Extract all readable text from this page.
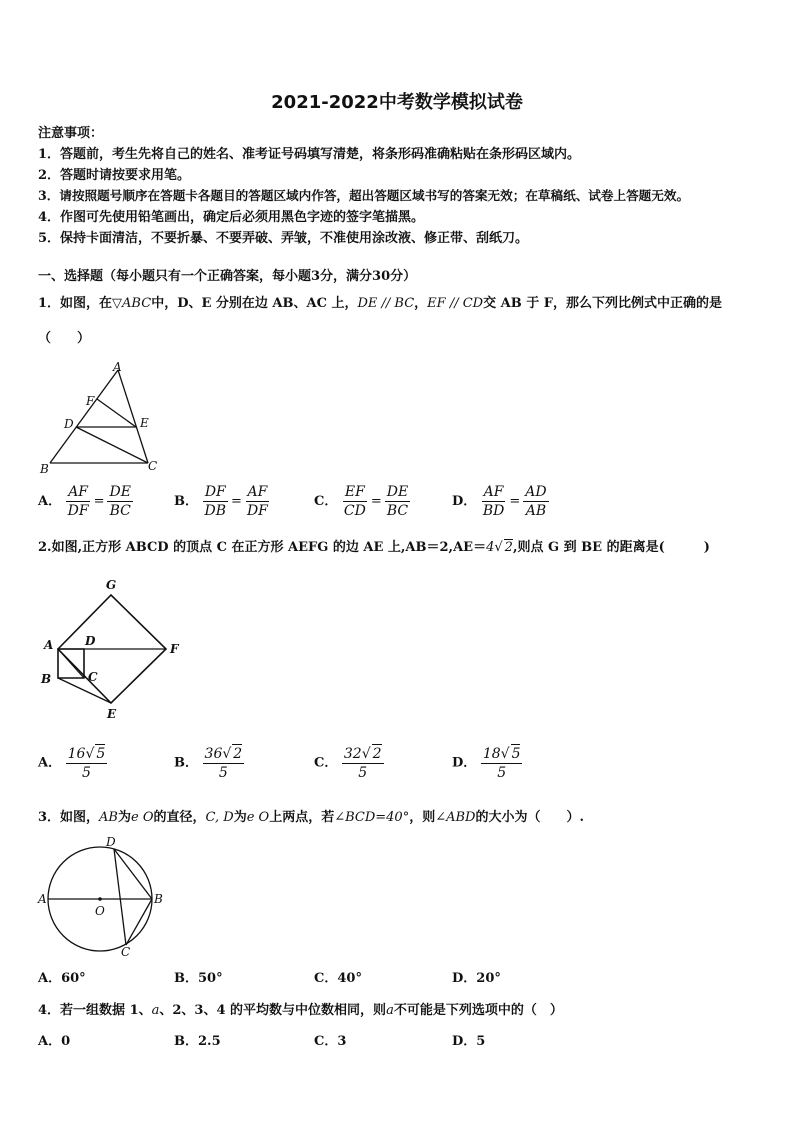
2021-2022中考数学模拟试卷
注意事项：
1．答题前，考生先将自己的姓名、准考证号码填写清楚，将条形码准确粘贴在条形码区域内。
2．答题时请按要求用笔。
3．请按照题号顺序在答题卡各题目的答题区域内作答，超出答题区域书写的答案无效；在草稿纸、试卷上答题无效。
4．作图可先使用铅笔画出，确定后必须用黑色字迹的签字笔描黑。
5．保持卡面清洁，不要折暴、不要弄破、弄皱，不准使用涂改液、修正带、刮纸刀。
一、选择题（每小题只有一个正确答案，每小题3分，满分30分）
1．如图，在▽ABC中，D、E 分别在边 AB、AC 上，DE // BC，EF // CD交 AB 于 F，那么下列比例式中正确的是
（　　）
A
F
D	E
B	C
A． $\frac{AF}{DF} = \frac{DE}{BC}$	B． $\frac{DF}{DB} = \frac{AF}{DF}$	C． $\frac{EF}{CD} = \frac{DE}{BC}$	D． $\frac{AF}{BD} = \frac{AD}{AB}$
2.如图,正方形 ABCD 的顶点 C 在正方形 AEFG 的边 AE 上,AB＝2,AE＝4√ 2,则点 G 到 BE 的距离是(　　　)
G
A	D
F
B	C
E
A． $\frac{16√ 5}{5}$	B． $\frac{36√ 2}{5}$	C． $\frac{32√ 2}{5}$	D． $\frac{18√ 5}{5}$
3．如图，AB为e O的直径，C, D为e O上两点，若∠BCD=40°，则∠ABD的大小为（　　）.
D
A
O
B
C
A．60°	B．50°	C．40°	D．20°
4．若一组数据 1、a、2、3、4 的平均数与中位数相同，则a不可能是下列选项中的（　）
A．0	B．2.5	C．3	D．5
